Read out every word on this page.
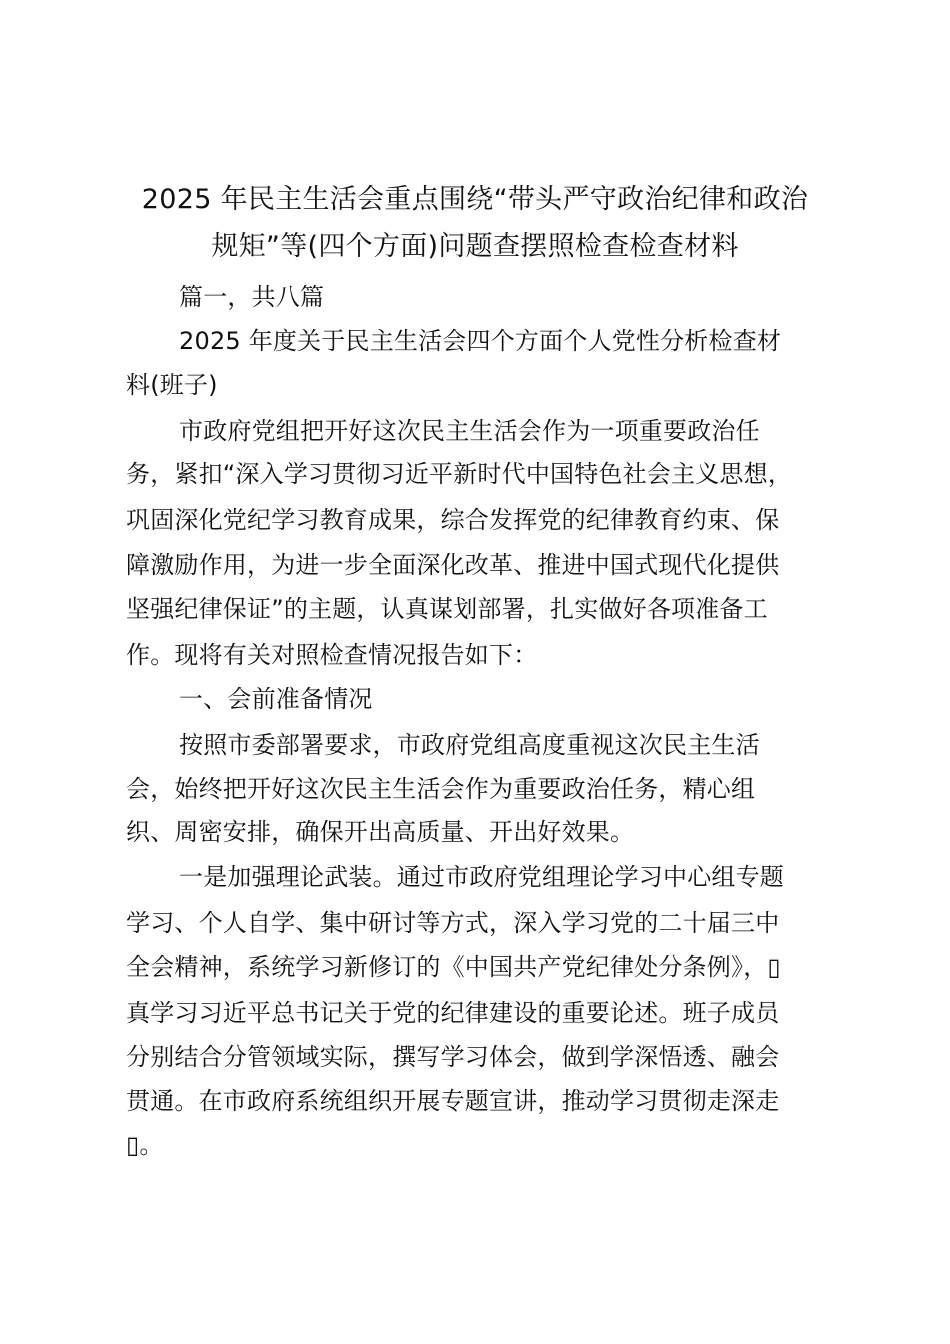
2025 年民主生活会重点围绕“带头严守政治纪律和政治
规矩”等(四个方面)问题查摆照检查检查材料
篇一，共八篇
2025 年度关于民主生活会四个方面个人党性分析检查材
料(班子)
市政府党组把开好这次民主生活会作为一项重要政治任
务，紧扣“深入学习贯彻习近平新时代中国特色社会主义思想，
巩固深化党纪学习教育成果，综合发挥党的纪律教育约束、保
障激励作用，为进一步全面深化改革、推进中国式现代化提供
坚强纪律保证”的主题，认真谋划部署，扎实做好各项准备工
作。现将有关对照检查情况报告如下：
一、会前准备情况
按照市委部署要求，市政府党组高度重视这次民主生活
会，始终把开好这次民主生活会作为重要政治任务，精心组
织、周密安排，确保开出高质量、开出好效果。
一是加强理论武装。通过市政府党组理论学习中心组专题
学习、个人自学、集中研讨等方式，深入学习党的二十届三中
全会精神，系统学习新修订的《中国共产党纪律处分条例》，▯
真学习习近平总书记关于党的纪律建设的重要论述。班子成员
分别结合分管领域实际，撰写学习体会，做到学深悟透、融会
贯通。在市政府系统组织开展专题宣讲，推动学习贯彻走深走
▯。
